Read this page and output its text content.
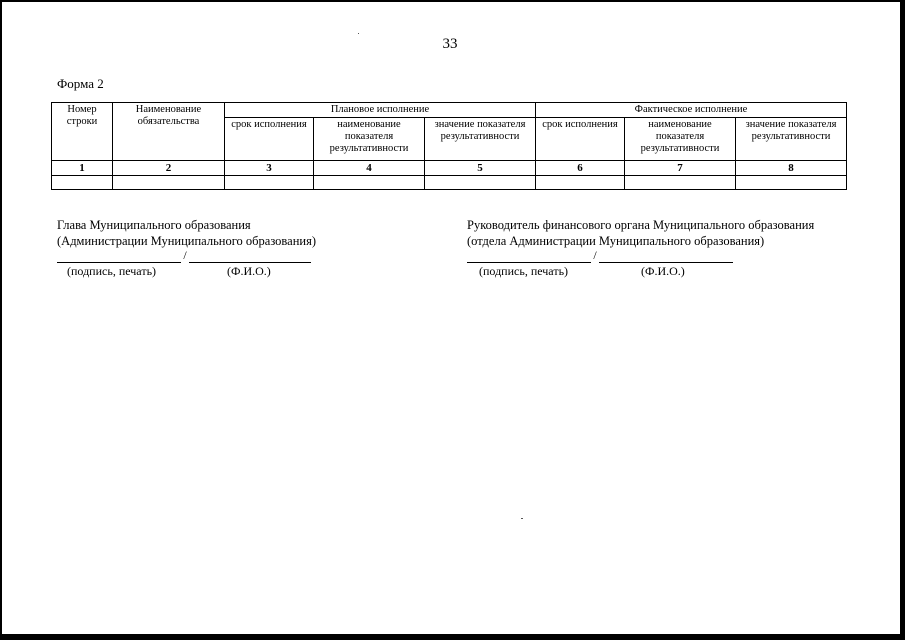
33
Форма 2
Номер строки	Наименование обязательства	Плановое исполнение			Фактическое исполнение		
		срок исполнения	наименование показателя результативности	значение показателя результативности	срок исполнения	наименование показателя результативности	значение показателя результативности
1	2	3	4	5	6	7	8

Глава Муниципального образования
(Администрации Муниципального образования)
/
(подпись, печать)	(Ф.И.О.)
Руководитель финансового органа Муниципального образования
(отдела Администрации Муниципального образования)
/
(подпись, печать)	(Ф.И.О.)
